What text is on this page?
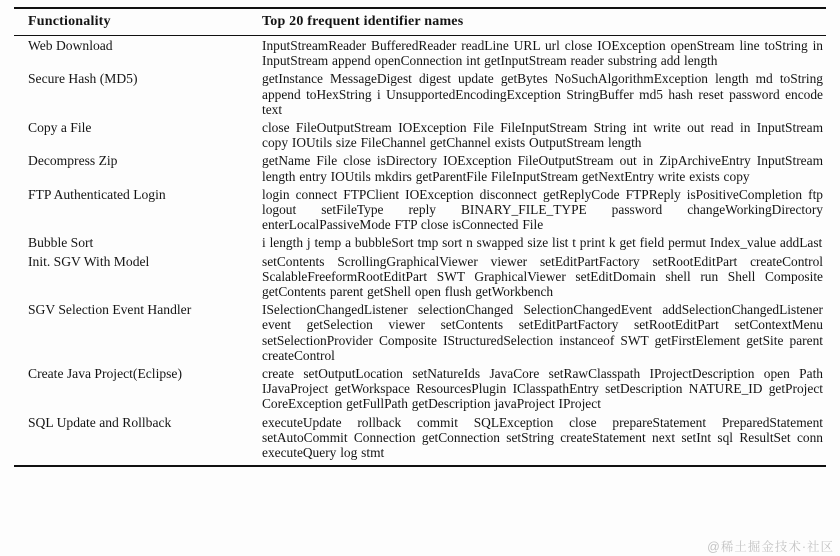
Functionality	Top 20 frequent identifier names
Web Download	InputStreamReader BufferedReader readLine URL url close IOException openStream line toString in InputStream append openConnection int getInputStream reader substring add length
Secure Hash (MD5)	getInstance MessageDigest digest update getBytes NoSuchAlgorithmException length md toString append toHexString i UnsupportedEncodingException StringBuffer md5 hash reset password encode text
Copy a File	close FileOutputStream IOException File FileInputStream String int write out read in InputStream copy IOUtils size FileChannel getChannel exists OutputStream length
Decompress Zip	getName File close isDirectory IOException FileOutputStream out in ZipArchiveEntry InputStream length entry IOUtils mkdirs getParentFile FileInputStream getNextEntry write exists copy
FTP Authenticated Login	login connect FTPClient IOException disconnect getReplyCode FTPReply isPositiveCompletion ftp logout setFileType reply BINARY_FILE_TYPE password changeWorkingDirectory enterLocalPassiveMode FTP close isConnected File
Bubble Sort	i length j temp a bubbleSort tmp sort n swapped size list t print k get field permut Index_value addLast
Init. SGV With Model	setContents ScrollingGraphicalViewer viewer setEditPartFactory setRootEditPart createControl ScalableFreeformRootEditPart SWT GraphicalViewer setEditDomain shell run Shell Composite getContents parent getShell open flush getWorkbench
SGV Selection Event Handler	ISelectionChangedListener selectionChanged SelectionChangedEvent addSelectionChangedListener event getSelection viewer setContents setEditPartFactory setRootEditPart setContextMenu setSelectionProvider Composite IStructuredSelection instanceof SWT getFirstElement getSite parent createControl
Create Java Project(Eclipse)	create setOutputLocation setNatureIds JavaCore setRawClasspath IProjectDescription open Path IJavaProject getWorkspace ResourcesPlugin IClasspathEntry setDescription NATURE_ID getProject CoreException getFullPath getDescription javaProject IProject
SQL Update and Rollback	executeUpdate rollback commit SQLException close prepareStatement PreparedStatement setAutoCommit Connection getConnection setString createStatement next setInt sql ResultSet conn executeQuery log stmt
@稀土掘金技术·社区
